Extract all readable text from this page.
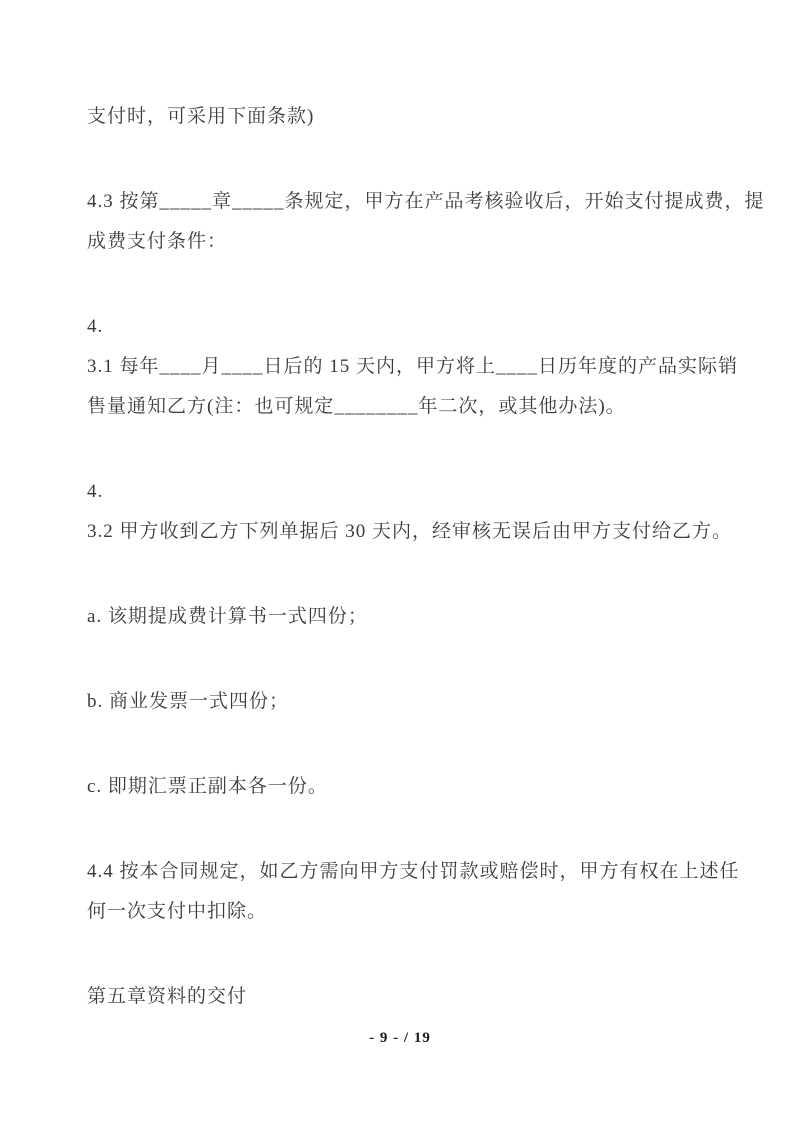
支付时，可采用下面条款)
4.3 按第_____章_____条规定，甲方在产品考核验收后，开始支付提成费，提
成费支付条件：
4.
3.1 每年____月____日后的 15 天内，甲方将上____日历年度的产品实际销
售量通知乙方(注：也可规定________年二次，或其他办法)。
4.
3.2 甲方收到乙方下列单据后 30 天内，经审核无误后由甲方支付给乙方。
a. 该期提成费计算书一式四份；
b. 商业发票一式四份；
c. 即期汇票正副本各一份。
4.4 按本合同规定，如乙方需向甲方支付罚款或赔偿时，甲方有权在上述任
何一次支付中扣除。
第五章资料的交付
- 9 - / 19
